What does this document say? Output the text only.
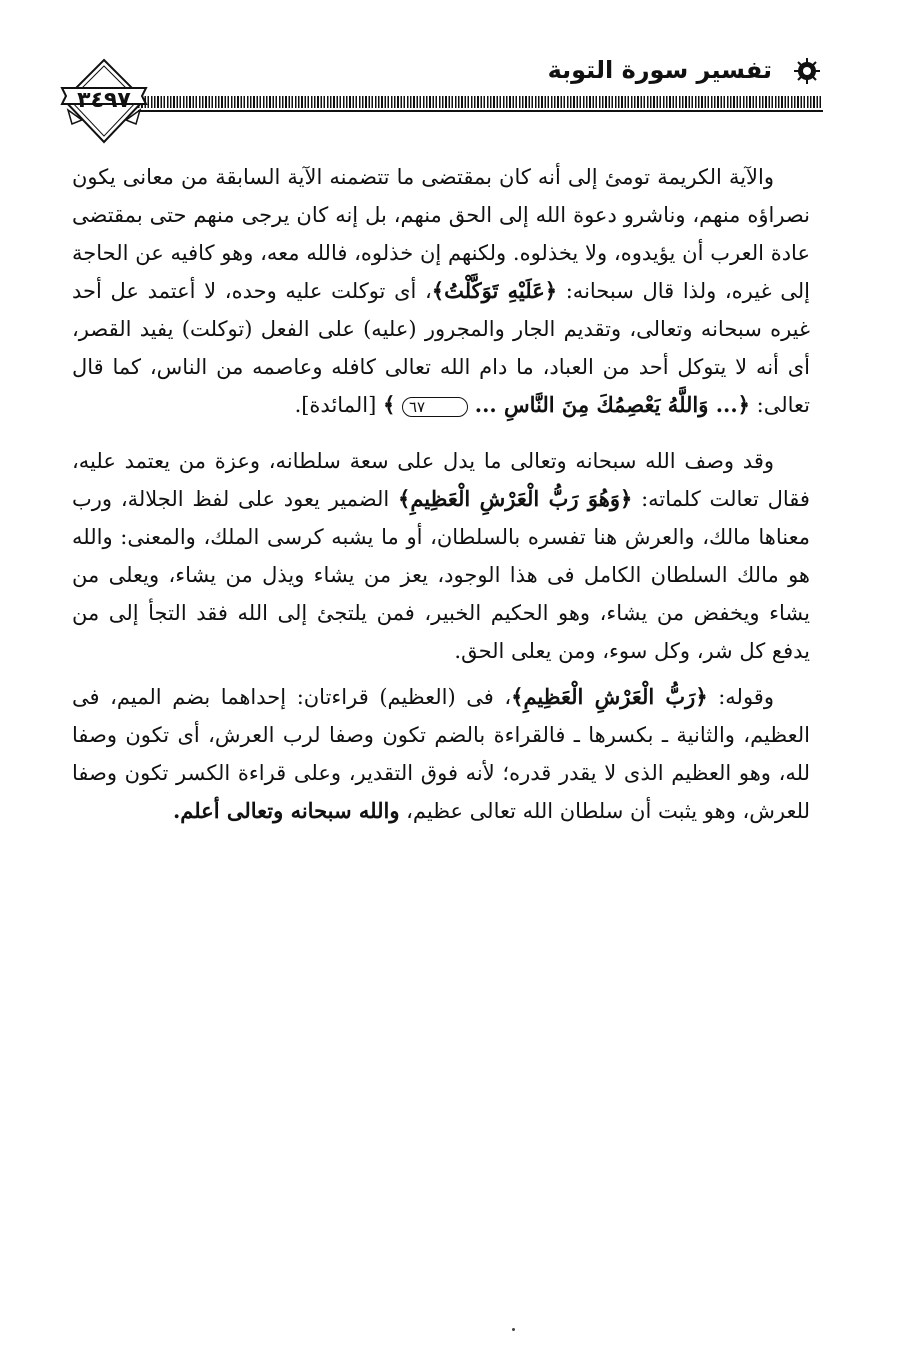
تفسير سورة التوبة
٣٤٩٧

والآية الكريمة تومئ إلى أنه كان بمقتضى ما تتضمنه الآية السابقة من معانى يكون نصراؤه منهم، وناشرو دعوة الله إلى الحق منهم، بل إنه كان يرجى منهم حتى بمقتضى عادة العرب أن يؤيدوه، ولا يخذلوه. ولكنهم إن خذلوه، فالله معه، وهو كافيه عن الحاجة إلى غيره، ولذا قال سبحانه: ﴿عَلَيْهِ تَوَكَّلْتُ﴾، أى توكلت عليه وحده، لا أعتمد عل أحد غيره سبحانه وتعالى، وتقديم الجار والمجرور (عليه) على الفعل (توكلت) يفيد القصر، أى أنه لا يتوكل أحد من العباد، ما دام الله تعالى كافله وعاصمه من الناس، كما قال تعالى: ﴿... وَاللَّهُ يَعْصِمُكَ مِنَ النَّاسِ ... ٦٧ ﴾ [المائدة].

وقد وصف الله سبحانه وتعالى ما يدل على سعة سلطانه، وعزة من يعتمد عليه، فقال تعالت كلماته: ﴿وَهُوَ رَبُّ الْعَرْشِ الْعَظِيمِ﴾ الضمير يعود على لفظ الجلالة، ورب معناها مالك، والعرش هنا تفسره بالسلطان، أو ما يشبه كرسى الملك، والمعنى: والله هو مالك السلطان الكامل فى هذا الوجود، يعز من يشاء ويذل من يشاء، ويعلى من يشاء ويخفض من يشاء، وهو الحكيم الخبير، فمن يلتجئ إلى الله فقد التجأ إلى من يدفع كل شر، وكل سوء، ومن يعلى الحق.

وقوله: ﴿رَبُّ الْعَرْشِ الْعَظِيمِ﴾، فى (العظيم) قراءتان: إحداهما بضم الميم، فى العظيم، والثانية ـ بكسرها ـ فالقراءة بالضم تكون وصفا لرب العرش، أى تكون وصفا لله، وهو العظيم الذى لا يقدر قدره؛ لأنه فوق التقدير، وعلى قراءة الكسر تكون وصفا للعرش، وهو يثبت أن سلطان الله تعالى عظيم، والله سبحانه وتعالى أعلم.
